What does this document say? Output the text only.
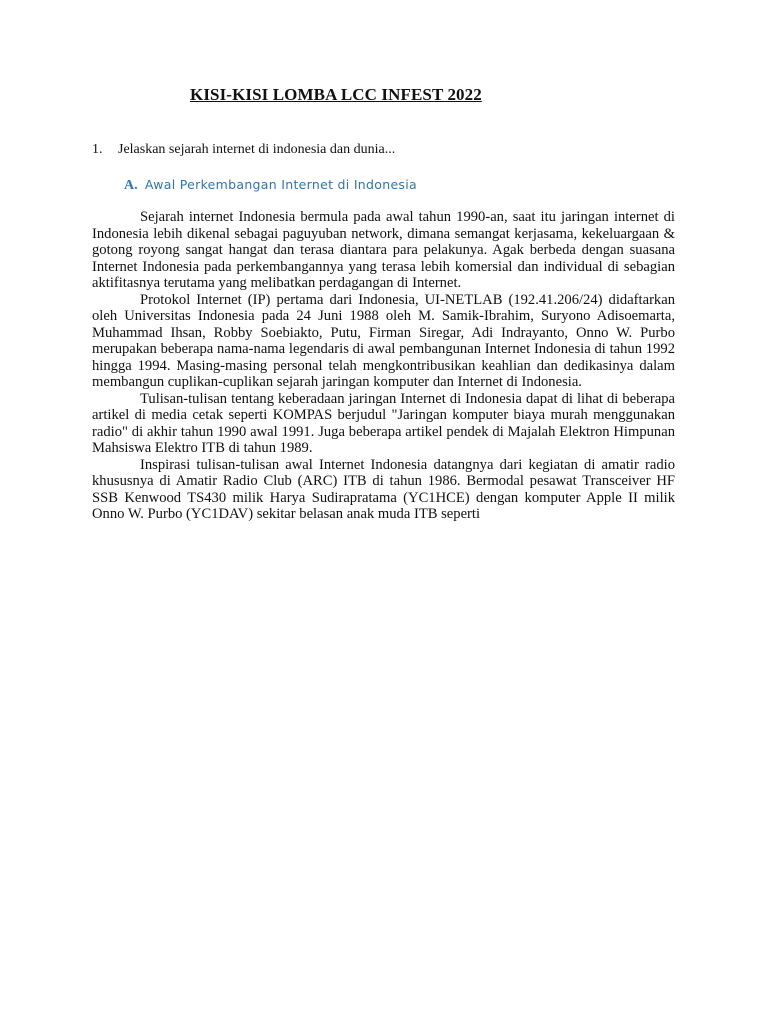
KISI-KISI LOMBA LCC INFEST 2022
1. Jelaskan sejarah internet di indonesia dan dunia...
A. Awal Perkembangan Internet di Indonesia

Sejarah internet Indonesia bermula pada awal tahun 1990-an, saat itu jaringan internet di Indonesia lebih dikenal sebagai paguyuban network, dimana semangat kerjasama, kekeluargaan & gotong royong sangat hangat dan terasa diantara para pelakunya. Agak berbeda dengan suasana Internet Indonesia pada perkembangannya yang terasa lebih komersial dan individual di sebagian aktifitasnya terutama yang melibatkan perdagangan di Internet.

Protokol Internet (IP) pertama dari Indonesia, UI-NETLAB (192.41.206/24) didaftarkan oleh Universitas Indonesia pada 24 Juni 1988 oleh M. Samik-Ibrahim, Suryono Adisoemarta, Muhammad Ihsan, Robby Soebiakto, Putu, Firman Siregar, Adi Indrayanto, Onno W. Purbo merupakan beberapa nama-nama legendaris di awal pembangunan Internet Indonesia di tahun 1992 hingga 1994. Masing-masing personal telah mengkontribusikan keahlian dan dedikasinya dalam membangun cuplikan-cuplikan sejarah jaringan komputer dan Internet di Indonesia.

Tulisan-tulisan tentang keberadaan jaringan Internet di Indonesia dapat di lihat di beberapa artikel di media cetak seperti KOMPAS berjudul "Jaringan komputer biaya murah menggunakan radio" di akhir tahun 1990 awal 1991. Juga beberapa artikel pendek di Majalah Elektron Himpunan Mahsiswa Elektro ITB di tahun 1989.

Inspirasi tulisan-tulisan awal Internet Indonesia datangnya dari kegiatan di amatir radio khususnya di Amatir Radio Club (ARC) ITB di tahun 1986. Bermodal pesawat Transceiver HF SSB Kenwood TS430 milik Harya Sudirapratama (YC1HCE) dengan komputer Apple II milik Onno W. Purbo (YC1DAV) sekitar belasan anak muda ITB seperti
